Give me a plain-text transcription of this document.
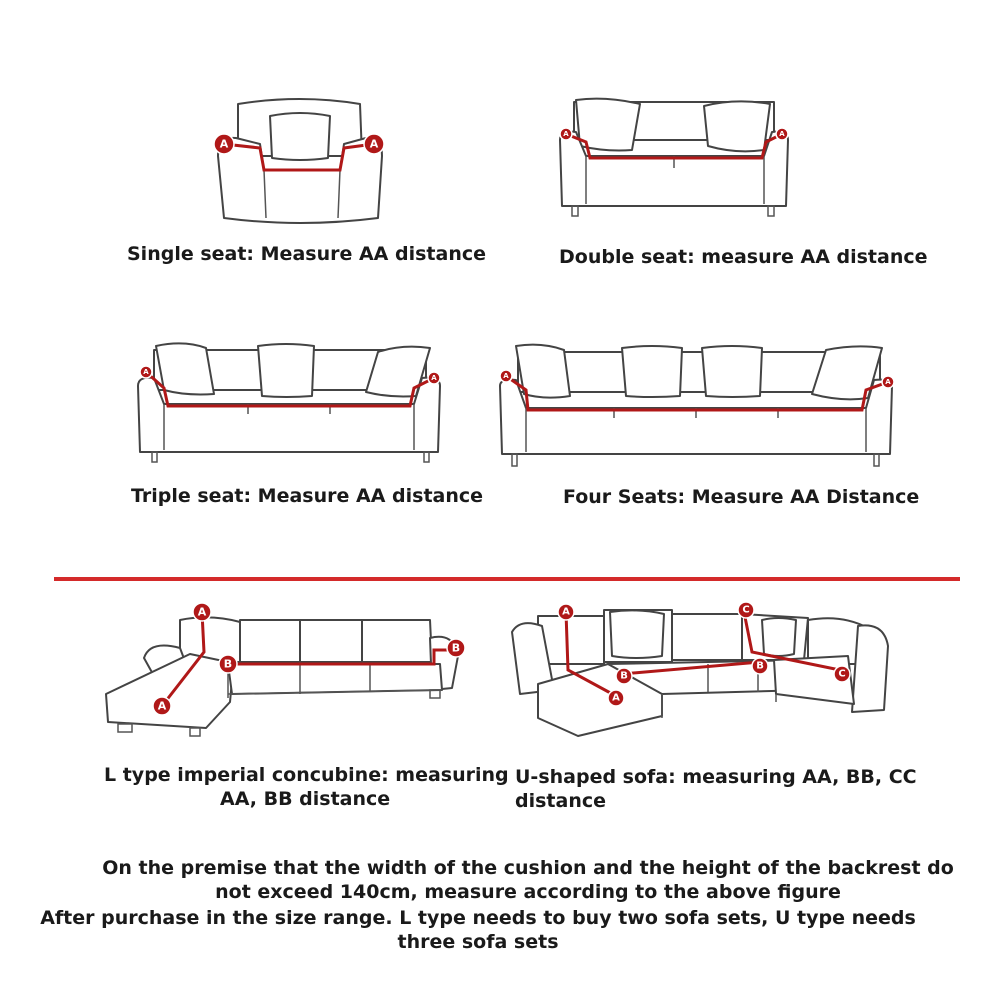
A	A
Single seat: Measure AA distance
A	A
Double seat: measure AA distance
A
A
Triple seat: Measure AA distance
A
A
Four Seats: Measure AA Distance
A
A
B
B
L type imperial concubine: measuring
AA, BB distance
A
A
B
B
C
C
U-shaped sofa: measuring AA, BB, CC
distance
On the premise that the width of the cushion and the height of the backrest do
not exceed 140cm, measure according to the above figure
After purchase in the size range. L type needs to buy two sofa sets, U type needs
three sofa sets
